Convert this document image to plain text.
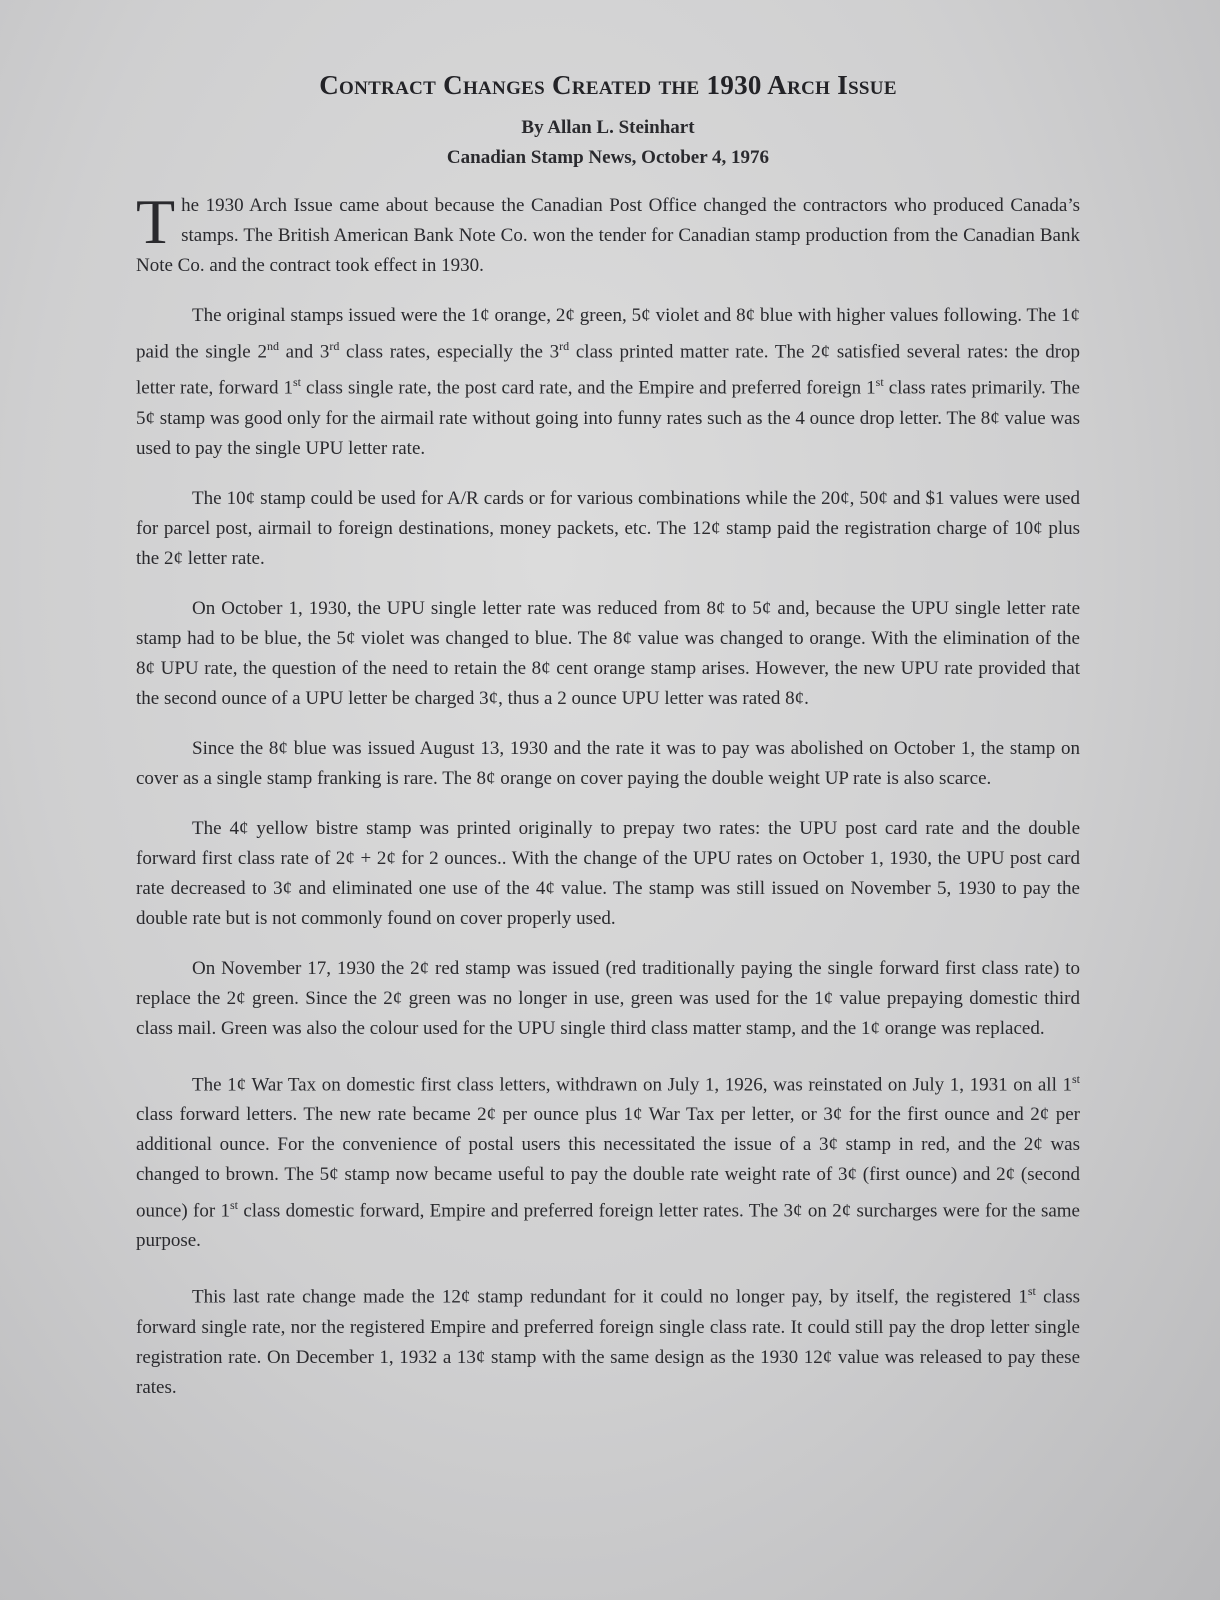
Contract Changes Created the 1930 Arch Issue

By Allan L. Steinhart

Canadian Stamp News, October 4, 1976

The 1930 Arch Issue came about because the Canadian Post Office changed the contractors who produced Canada’s stamps. The British American Bank Note Co. won the tender for Canadian stamp production from the Canadian Bank Note Co. and the contract took effect in 1930.

The original stamps issued were the 1¢ orange, 2¢ green, 5¢ violet and 8¢ blue with higher values following. The 1¢ paid the single 2nd and 3rd class rates, especially the 3rd class printed matter rate. The 2¢ satisfied several rates: the drop letter rate, forward 1st class single rate, the post card rate, and the Empire and preferred foreign 1st class rates primarily. The 5¢ stamp was good only for the airmail rate without going into funny rates such as the 4 ounce drop letter. The 8¢ value was used to pay the single UPU letter rate.

The 10¢ stamp could be used for A/R cards or for various combinations while the 20¢, 50¢ and $1 values were used for parcel post, airmail to foreign destinations, money packets, etc. The 12¢ stamp paid the registration charge of 10¢ plus the 2¢ letter rate.

On October 1, 1930, the UPU single letter rate was reduced from 8¢ to 5¢ and, because the UPU single letter rate stamp had to be blue, the 5¢ violet was changed to blue. The 8¢ value was changed to orange. With the elimination of the 8¢ UPU rate, the question of the need to retain the 8¢ cent orange stamp arises. However, the new UPU rate provided that the second ounce of a UPU letter be charged 3¢, thus a 2 ounce UPU letter was rated 8¢.

Since the 8¢ blue was issued August 13, 1930 and the rate it was to pay was abolished on October 1, the stamp on cover as a single stamp franking is rare. The 8¢ orange on cover paying the double weight UP rate is also scarce.

The 4¢ yellow bistre stamp was printed originally to prepay two rates: the UPU post card rate and the double forward first class rate of 2¢ + 2¢ for 2 ounces.. With the change of the UPU rates on October 1, 1930, the UPU post card rate decreased to 3¢ and eliminated one use of the 4¢ value. The stamp was still issued on November 5, 1930 to pay the double rate but is not commonly found on cover properly used.

On November 17, 1930 the 2¢ red stamp was issued (red traditionally paying the single forward first class rate) to replace the 2¢ green. Since the 2¢ green was no longer in use, green was used for the 1¢ value prepaying domestic third class mail. Green was also the colour used for the UPU single third class matter stamp, and the 1¢ orange was replaced.

The 1¢ War Tax on domestic first class letters, withdrawn on July 1, 1926, was reinstated on July 1, 1931 on all 1st class forward letters. The new rate became 2¢ per ounce plus 1¢ War Tax per letter, or 3¢ for the first ounce and 2¢ per additional ounce. For the convenience of postal users this necessitated the issue of a 3¢ stamp in red, and the 2¢ was changed to brown. The 5¢ stamp now became useful to pay the double rate weight rate of 3¢ (first ounce) and 2¢ (second ounce) for 1st class domestic forward, Empire and preferred foreign letter rates. The 3¢ on 2¢ surcharges were for the same purpose.

This last rate change made the 12¢ stamp redundant for it could no longer pay, by itself, the registered 1st class forward single rate, nor the registered Empire and preferred foreign single class rate. It could still pay the drop letter single registration rate. On December 1, 1932 a 13¢ stamp with the same design as the 1930 12¢ value was released to pay these rates.
